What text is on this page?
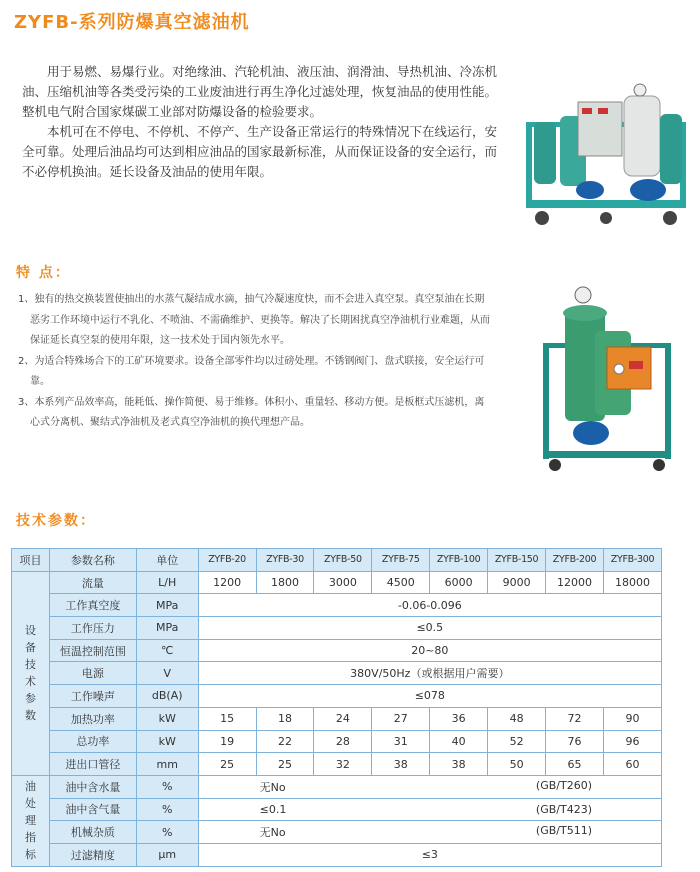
ZYFB-系列防爆真空滤油机

用于易燃、易爆行业。对绝缘油、汽轮机油、液压油、润滑油、导热机油、冷冻机油、压缩机油等各类受污染的工业废油进行再生净化过滤处理，恢复油品的使用性能。整机电气附合国家煤碳工业部对防爆设备的检验要求。

本机可在不停电、不停机、不停产、生产设备正常运行的特殊情况下在线运行，安全可靠。处理后油品均可达到相应油品的国家最新标准，从而保证设备的安全运行，而不必停机换油。延长设备及油品的使用年限。

特 点：
1、独有的热交换装置使抽出的水蒸气凝结成水滴，抽气冷凝速度快，而不会进入真空泵。真空泵油在长期恶劣工作环境中运行不乳化、不喷油、不需确维护、更换等。解决了长期困扰真空净油机行业难题，从而保证延长真空泵的使用年限，这一技术处于国内领先水平。
2、为适合特殊场合下的工矿环境要求。设备全部零件均以过磅处理。不锈钢阀门、盘式联接，安全运行可靠。
3、本系列产品效率高，能耗低、操作简便、易于维修。体积小、重量轻、移动方便。是板框式压滤机，离心式分离机、聚结式净油机及老式真空净油机的换代理想产品。
技术参数：
项目	参数名称	单位	ZYFB-20	ZYFB-30	ZYFB-50	ZYFB-75	ZYFB-100	ZYFB-150	ZYFB-200	ZYFB-300
设备技术参数	流量	L/H	1200	1800	3000	4500	6000	9000	12000	18000
	工作真空度	MPa	-0.06-0.096							
	工作压力	MPa	≤0.5							
	恒温控制范围	℃	20~80							
	电源	V	380V/50Hz（或根据用户需要）							
	工作噪声	dB(A)	≤078							
	加热功率	kW	15	18	24	27	36	48	72	90
	总功率	kW	19	22	28	31	40	52	76	96
	进出口管径	mm	25	25	32	38	38	50	65	60
油处理指标	油中含水量	%	无No (GB/T260)							

	油中含气量	%	≤0.1 (GB/T423)							

	机械杂质	%	无No (GB/T511)							

	过滤精度	μm	≤3							
